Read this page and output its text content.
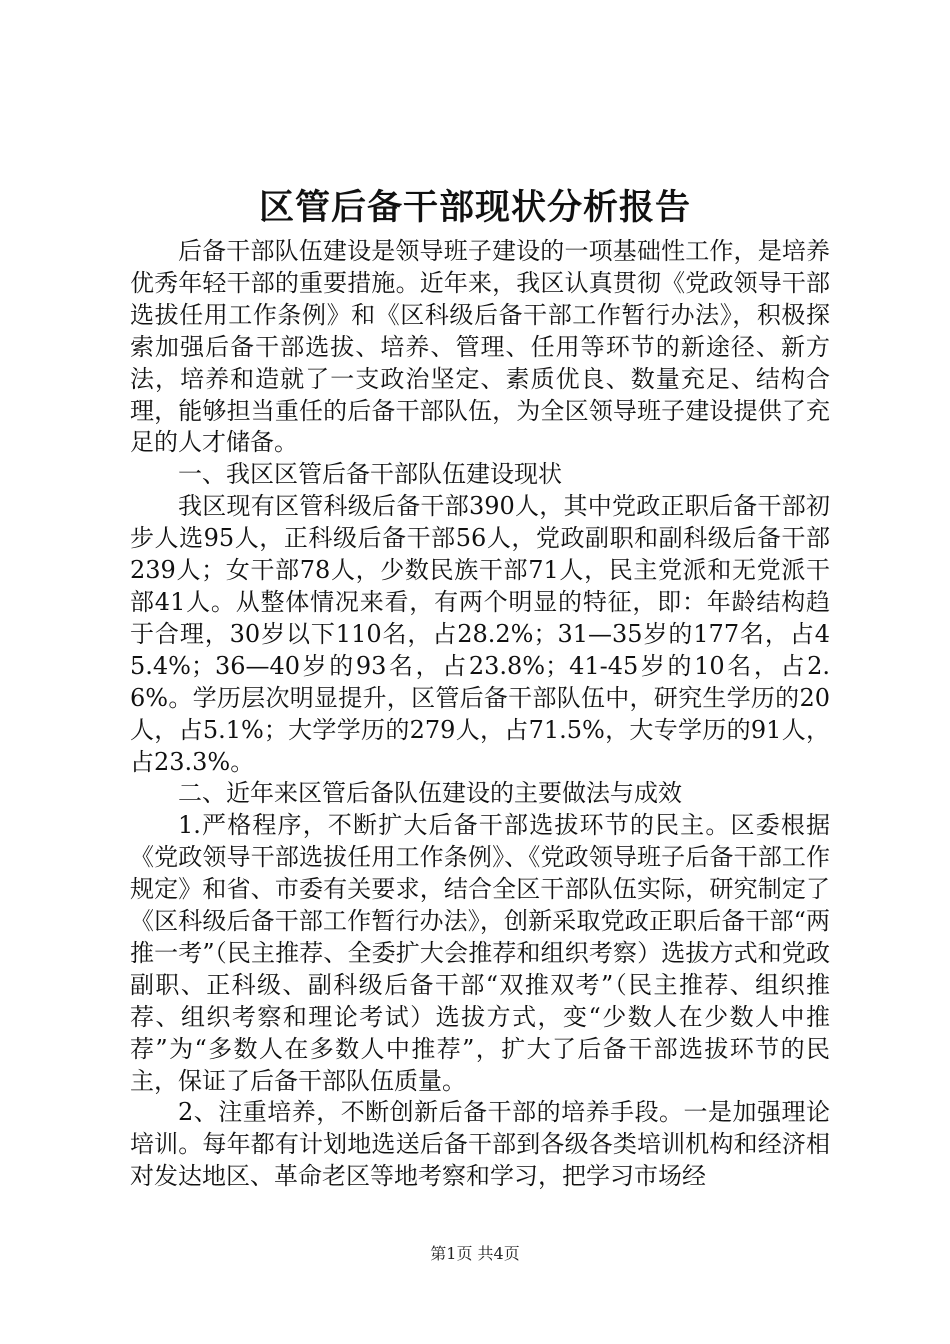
区管后备干部现状分析报告

后备干部队伍建设是领导班子建设的一项基础性工作，是培养优秀年轻干部的重要措施。近年来，我区认真贯彻《党政领导干部选拔任用工作条例》和《区科级后备干部工作暂行办法》，积极探索加强后备干部选拔、培养、管理、任用等环节的新途径、新方法，培养和造就了一支政治坚定、素质优良、数量充足、结构合理，能够担当重任的后备干部队伍，为全区领导班子建设提供了充足的人才储备。

一、我区区管后备干部队伍建设现状

我区现有区管科级后备干部390人，其中党政正职后备干部初步人选95人，正科级后备干部56人，党政副职和副科级后备干部239人；女干部78人，少数民族干部71人，民主党派和无党派干部41人。从整体情况来看，有两个明显的特征，即：年龄结构趋于合理，30岁以下110名，占28.2%；31—35岁的177名，占45.4%；36—40岁的93名，占23.8%；41-45岁的10名，占2.6%。学历层次明显提升，区管后备干部队伍中，研究生学历的20人，占5.1%；大学学历的279人，占71.5%，大专学历的91人，占23.3%。

二、近年来区管后备队伍建设的主要做法与成效

1.严格程序，不断扩大后备干部选拔环节的民主。区委根据《党政领导干部选拔任用工作条例》、《党政领导班子后备干部工作规定》和省、市委有关要求，结合全区干部队伍实际，研究制定了《区科级后备干部工作暂行办法》，创新采取党政正职后备干部“两推一考”（民主推荐、全委扩大会推荐和组织考察）选拔方式和党政副职、正科级、副科级后备干部“双推双考”（民主推荐、组织推荐、组织考察和理论考试）选拔方式，变“少数人在少数人中推荐”为“多数人在多数人中推荐”，扩大了后备干部选拔环节的民主，保证了后备干部队伍质量。

2、注重培养，不断创新后备干部的培养手段。一是加强理论培训。每年都有计划地选送后备干部到各级各类培训机构和经济相对发达地区、革命老区等地考察和学习，把学习市场经

第1页 共4页
